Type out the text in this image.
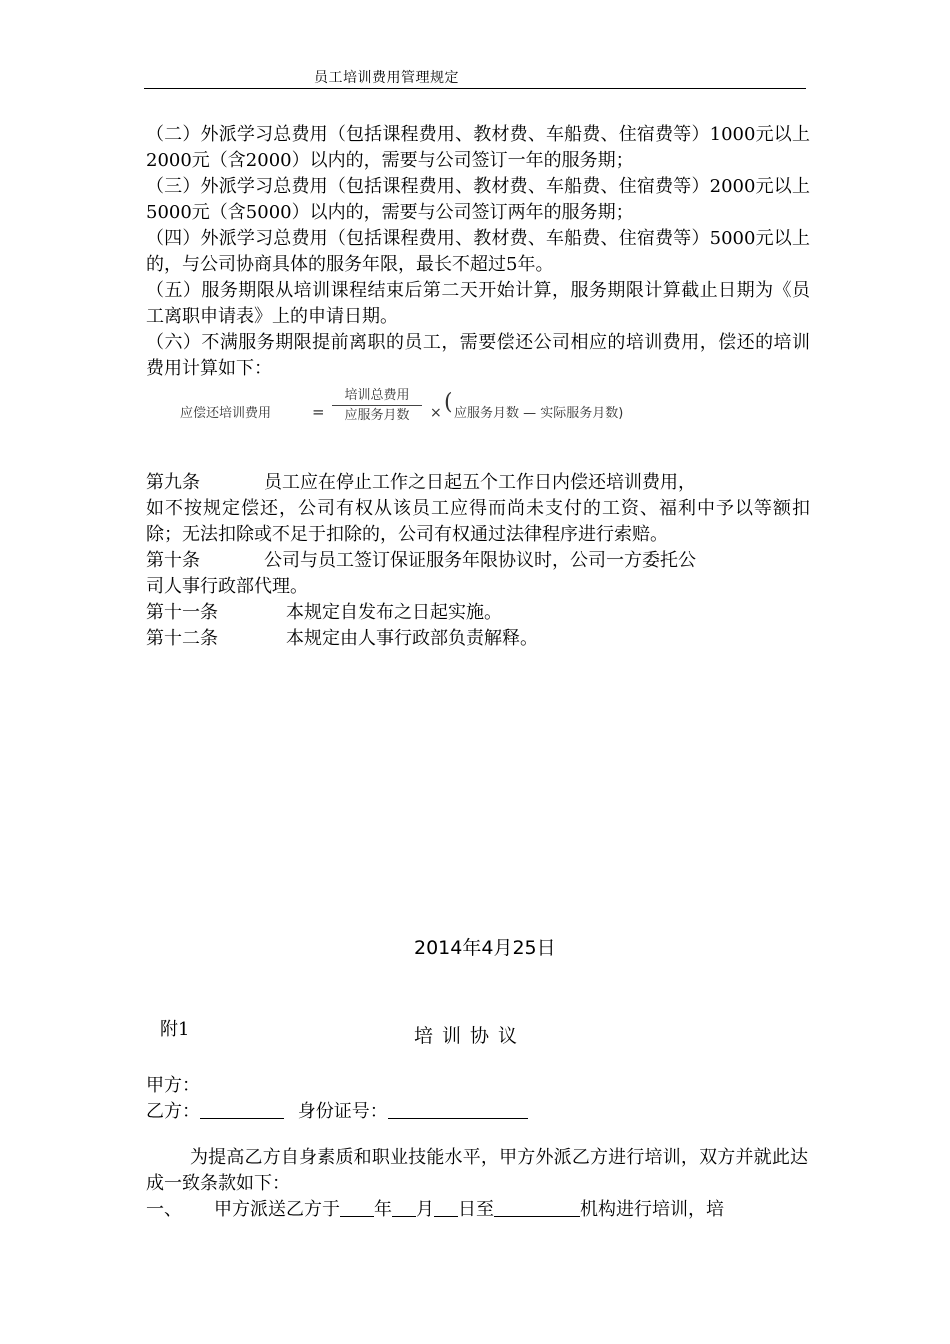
员工培训费用管理规定

（二）外派学习总费用（包括课程费用、教材费、车船费、住宿费等）1000元以上2000元（含2000）以内的，需要与公司签订一年的服务期；

（三）外派学习总费用（包括课程费用、教材费、车船费、住宿费等）2000元以上5000元（含5000）以内的，需要与公司签订两年的服务期；

（四）外派学习总费用（包括课程费用、教材费、车船费、住宿费等）5000元以上的，与公司协商具体的服务年限，最长不超过5年。

（五）服务期限从培训课程结束后第二天开始计算，服务期限计算截止日期为《员工离职申请表》上的申请日期。

（六）不满服务期限提前离职的员工，需要偿还公司相应的培训费用，偿还的培训费用计算如下：

应偿还培训费用	=
培训总费用
应服务月数	× ( 应服务月数 — 实际服务月数)
第九条	员工应在停止工作之日起五个工作日内偿还培训费用，

如不按规定偿还，公司有权从该员工应得而尚未支付的工资、福利中予以等额扣除；无法扣除或不足于扣除的，公司有权通过法律程序进行索赔。

第十条	公司与员工签订保证服务年限协议时，公司一方委托公

司人事行政部代理。

第十一条	本规定自发布之日起实施。
第十二条	本规定由人事行政部负责解释。
2014年4月25日
附1	培训协议
甲方：
乙方：	身份证号：

为提高乙方自身素质和职业技能水平，甲方外派乙方进行培训，双方并就此达成一致条款如下：

一、	甲方派送乙方于 年 月 日至	机构进行培训，培
